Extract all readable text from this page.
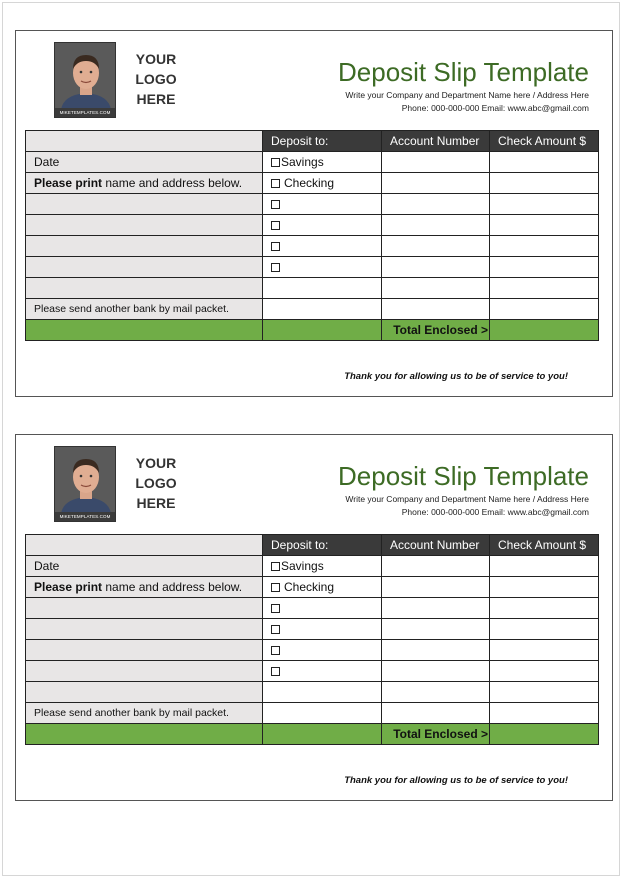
MIKETEMPLATES.COM
YOUR
LOGO
HERE
Deposit Slip Template
Write your Company and Department Name here / Address Here
Phone: 000-000-000 Email: www.abc@gmail.com
	Deposit to:	Account Number	Check Amount $
Date	Savings		
Please print name and address below.	Checking		

Please send another bank by mail packet.			
		Total Enclosed >	
Thank you for allowing us to be of service to you!
MIKETEMPLATES.COM
YOUR
LOGO
HERE
Deposit Slip Template
Write your Company and Department Name here / Address Here
Phone: 000-000-000 Email: www.abc@gmail.com
	Deposit to:	Account Number	Check Amount $
Date	Savings		
Please print name and address below.	Checking		

Please send another bank by mail packet.			
		Total Enclosed >	
Thank you for allowing us to be of service to you!
